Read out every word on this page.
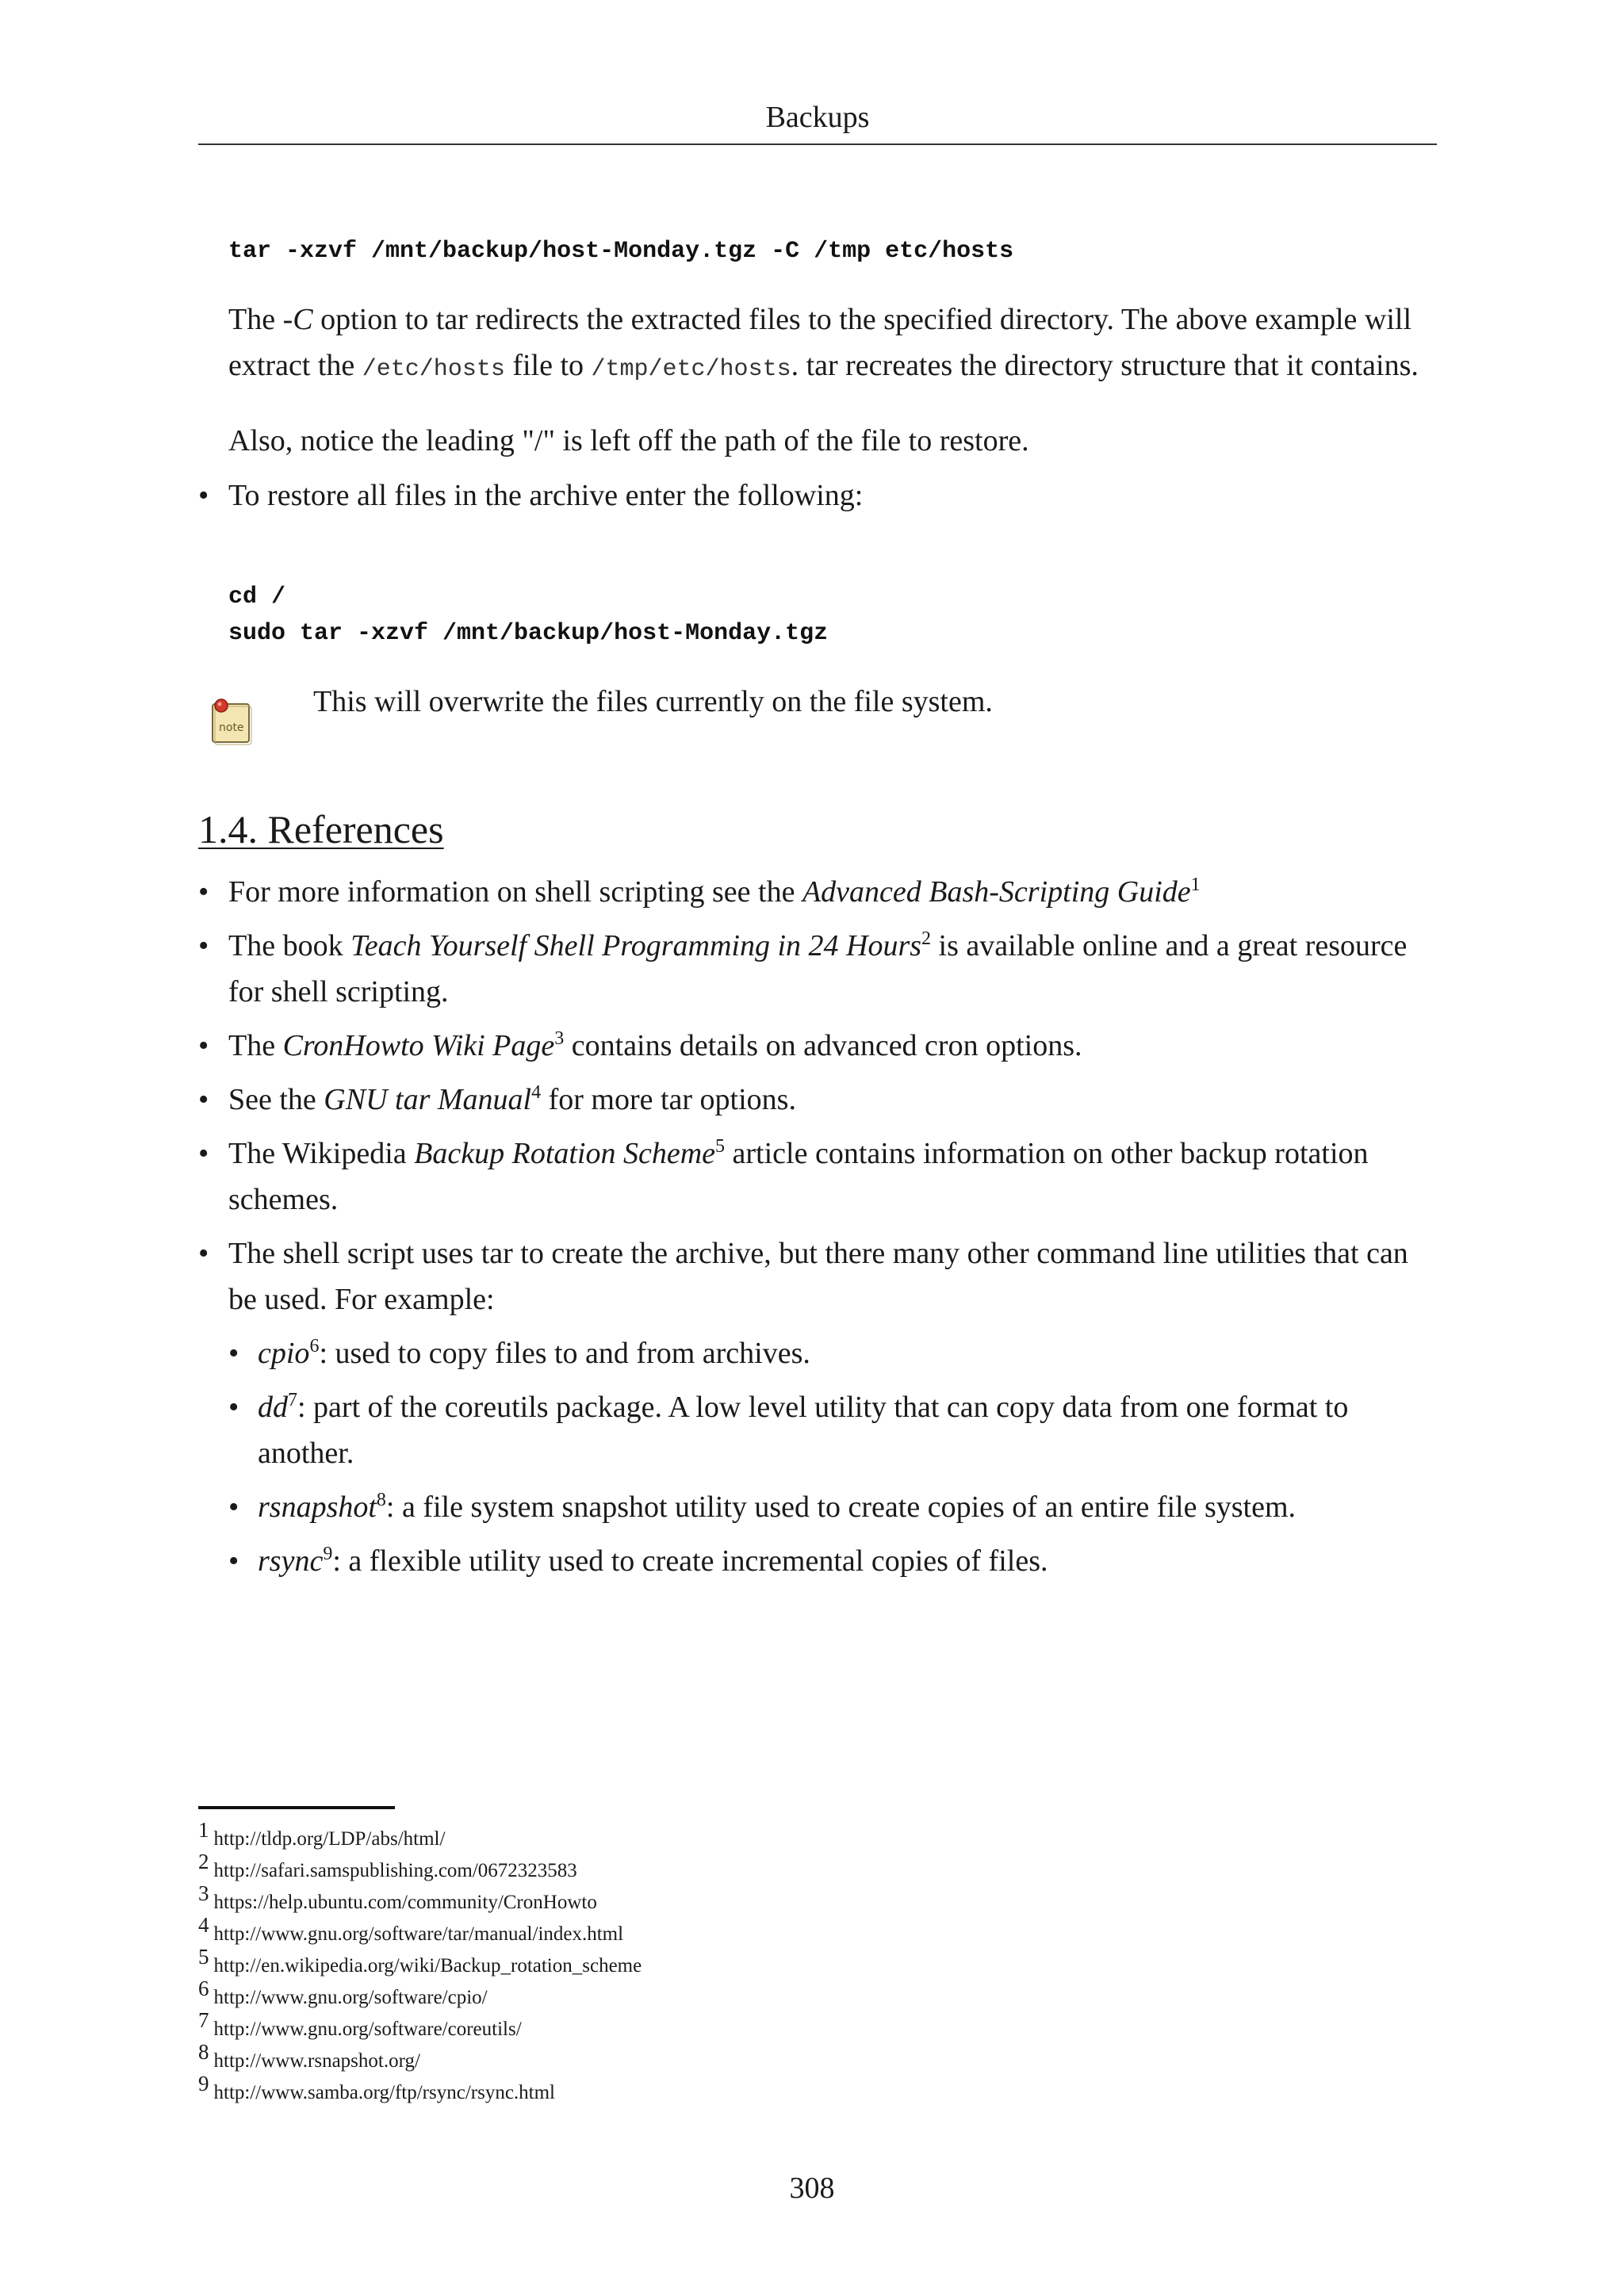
Backups
tar -xzvf /mnt/backup/host-Monday.tgz -C /tmp etc/hosts

The -C option to tar redirects the extracted files to the specified directory. The above example will

extract the /etc/hosts file to /tmp/etc/hosts. tar recreates the directory structure that it contains.

Also, notice the leading "/" is left off the path of the file to restore.

• To restore all files in the archive enter the following:

cd /
sudo tar -xzvf /mnt/backup/host-Monday.tgz
note

This will overwrite the files currently on the file system.

1.4. References
• For more information on shell scripting see the Advanced Bash-Scripting Guide$^1$

• The book Teach Yourself Shell Programming in 24 Hours$^2$ is available online and a great resource

for shell scripting.

• The CronHowto Wiki Page$^3$ contains details on advanced cron options.

• See the GNU tar Manual$^4$ for more tar options.

• The Wikipedia Backup Rotation Scheme$^5$ article contains information on other backup rotation

schemes.

• The shell script uses tar to create the archive, but there many other command line utilities that can

be used. For example:

• cpio$^6$: used to copy files to and from archives.

• $dd^7$: part of the coreutils package. A low level utility that can copy data from one format to

another.

• rsnapshot$^8$: a file system snapshot utility used to create copies of an entire file system.

• rsync$^9$: a flexible utility used to create incremental copies of files.

1 http://tldp.org/LDP/abs/html/
2 http://safari.samspublishing.com/0672323583
3 https://help.ubuntu.com/community/CronHowto
4 http://www.gnu.org/software/tar/manual/index.html
5 http://en.wikipedia.org/wiki/Backup_rotation_scheme
6 http://www.gnu.org/software/cpio/
7 http://www.gnu.org/software/coreutils/
8 http://www.rsnapshot.org/
9 http://www.samba.org/ftp/rsync/rsync.html
308
